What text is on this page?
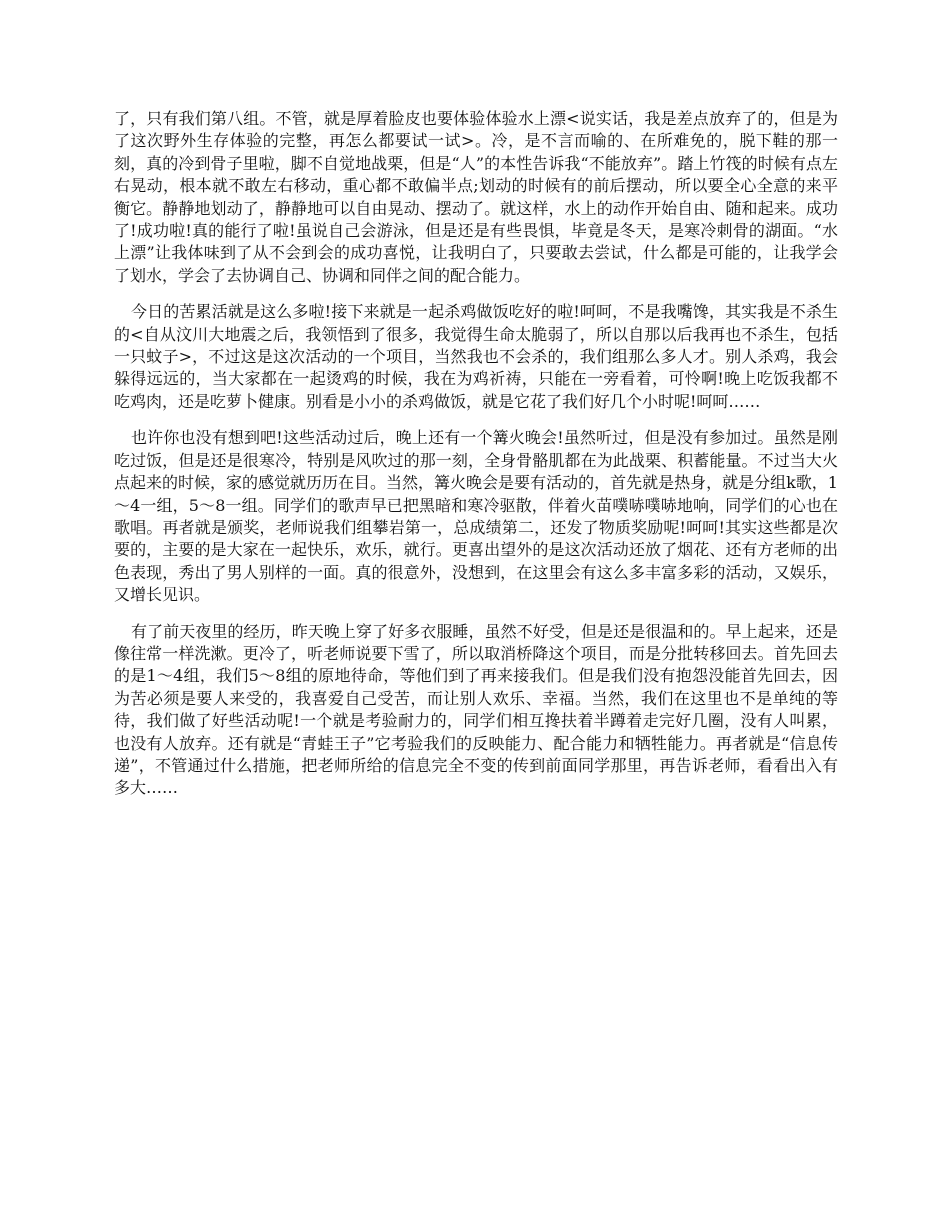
了，只有我们第八组。不管，就是厚着脸皮也要体验体验水上漂<说实话，我是差点放弃了的，但是为了这次野外生存体验的完整，再怎么都要试一试>。冷，是不言而喻的、在所难免的，脱下鞋的那一刻，真的冷到骨子里啦，脚不自觉地战栗，但是“人”的本性告诉我“不能放弃”。踏上竹筏的时候有点左右晃动，根本就不敢左右移动，重心都不敢偏半点;划动的时候有的前后摆动，所以要全心全意的来平衡它。静静地划动了，静静地可以自由晃动、摆动了。就这样，水上的动作开始自由、随和起来。成功了!成功啦!真的能行了啦!虽说自己会游泳，但是还是有些畏惧，毕竟是冬天，是寒冷刺骨的湖面。“水上漂”让我体味到了从不会到会的成功喜悦，让我明白了，只要敢去尝试，什么都是可能的，让我学会了划水，学会了去协调自己、协调和同伴之间的配合能力。

今日的苦累活就是这么多啦!接下来就是一起杀鸡做饭吃好的啦!呵呵，不是我嘴馋，其实我是不杀生的<自从汶川大地震之后，我领悟到了很多，我觉得生命太脆弱了，所以自那以后我再也不杀生，包括一只蚊子>，不过这是这次活动的一个项目，当然我也不会杀的，我们组那么多人才。别人杀鸡，我会躲得远远的，当大家都在一起烫鸡的时候，我在为鸡祈祷，只能在一旁看着，可怜啊!晚上吃饭我都不吃鸡肉，还是吃萝卜健康。别看是小小的杀鸡做饭，就是它花了我们好几个小时呢!呵呵……

也许你也没有想到吧!这些活动过后，晚上还有一个篝火晚会!虽然听过，但是没有参加过。虽然是刚吃过饭，但是还是很寒冷，特别是风吹过的那一刻，全身骨骼肌都在为此战栗、积蓄能量。不过当大火点起来的时候，家的感觉就历历在目。当然，篝火晚会是要有活动的，首先就是热身，就是分组k歌，1～4一组，5～8一组。同学们的歌声早已把黑暗和寒冷驱散，伴着火苗噗哧噗哧地响，同学们的心也在歌唱。再者就是颁奖，老师说我们组攀岩第一，总成绩第二，还发了物质奖励呢!呵呵!其实这些都是次要的，主要的是大家在一起快乐，欢乐，就行。更喜出望外的是这次活动还放了烟花、还有方老师的出色表现，秀出了男人别样的一面。真的很意外，没想到，在这里会有这么多丰富多彩的活动，又娱乐，又增长见识。

有了前天夜里的经历，昨天晚上穿了好多衣服睡，虽然不好受，但是还是很温和的。早上起来，还是像往常一样洗漱。更冷了，听老师说要下雪了，所以取消桥降这个项目，而是分批转移回去。首先回去的是1～4组，我们5～8组的原地待命，等他们到了再来接我们。但是我们没有抱怨没能首先回去，因为苦必须是要人来受的，我喜爱自己受苦，而让别人欢乐、幸福。当然，我们在这里也不是单纯的等待，我们做了好些活动呢!一个就是考验耐力的，同学们相互搀扶着半蹲着走完好几圈，没有人叫累，也没有人放弃。还有就是“青蛙王子”它考验我们的反映能力、配合能力和牺牲能力。再者就是“信息传递”，不管通过什么措施，把老师所给的信息完全不变的传到前面同学那里，再告诉老师，看看出入有多大……
